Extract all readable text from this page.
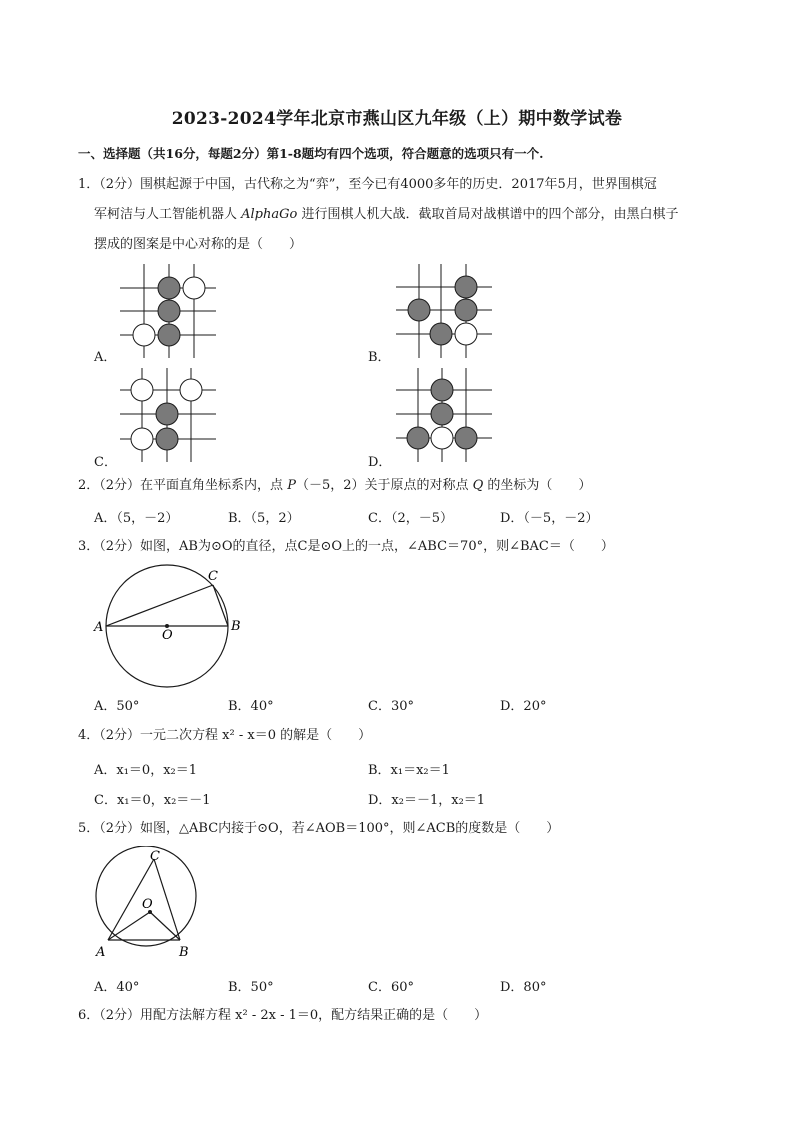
2023-2024学年北京市燕山区九年级（上）期中数学试卷
一、选择题（共16分，每题2分）第1-8题均有四个选项，符合题意的选项只有一个.
1．（2分）围棋起源于中国，古代称之为“弈”，至今已有4000多年的历史．2017年5月，世界围棋冠
军柯洁与人工智能机器人 AlphaGo 进行围棋人机大战．截取首局对战棋谱中的四个部分，由黑白棋子
摆成的图案是中心对称的是（　　）
A．	B．
C．	D．
2．（2分）在平面直角坐标系内，点 P（－5，2）关于原点的对称点 Q 的坐标为（　　）
A．（5，－2）	B．（5，2）	C．（2，－5）	D．（－5，－2）
3．（2分）如图，AB为⊙O的直径，点C是⊙O上的一点，∠ABC＝70°，则∠BAC＝（　　）
A	B
C
O
A．50°	B．40°	C．30°	D．20°
4．（2分）一元二次方程 x² - x＝0 的解是（　　）
A．x₁＝0，x₂＝1	B．x₁＝x₂＝1
C．x₁＝0，x₂＝－1	D．x₂＝－1，x₂＝1
5．（2分）如图，△ABC内接于⊙O，若∠AOB＝100°，则∠ACB的度数是（　　）
A	B
C
O
A．40°	B．50°	C．60°	D．80°
6．（2分）用配方法解方程 x² - 2x - 1＝0，配方结果正确的是（　　）
